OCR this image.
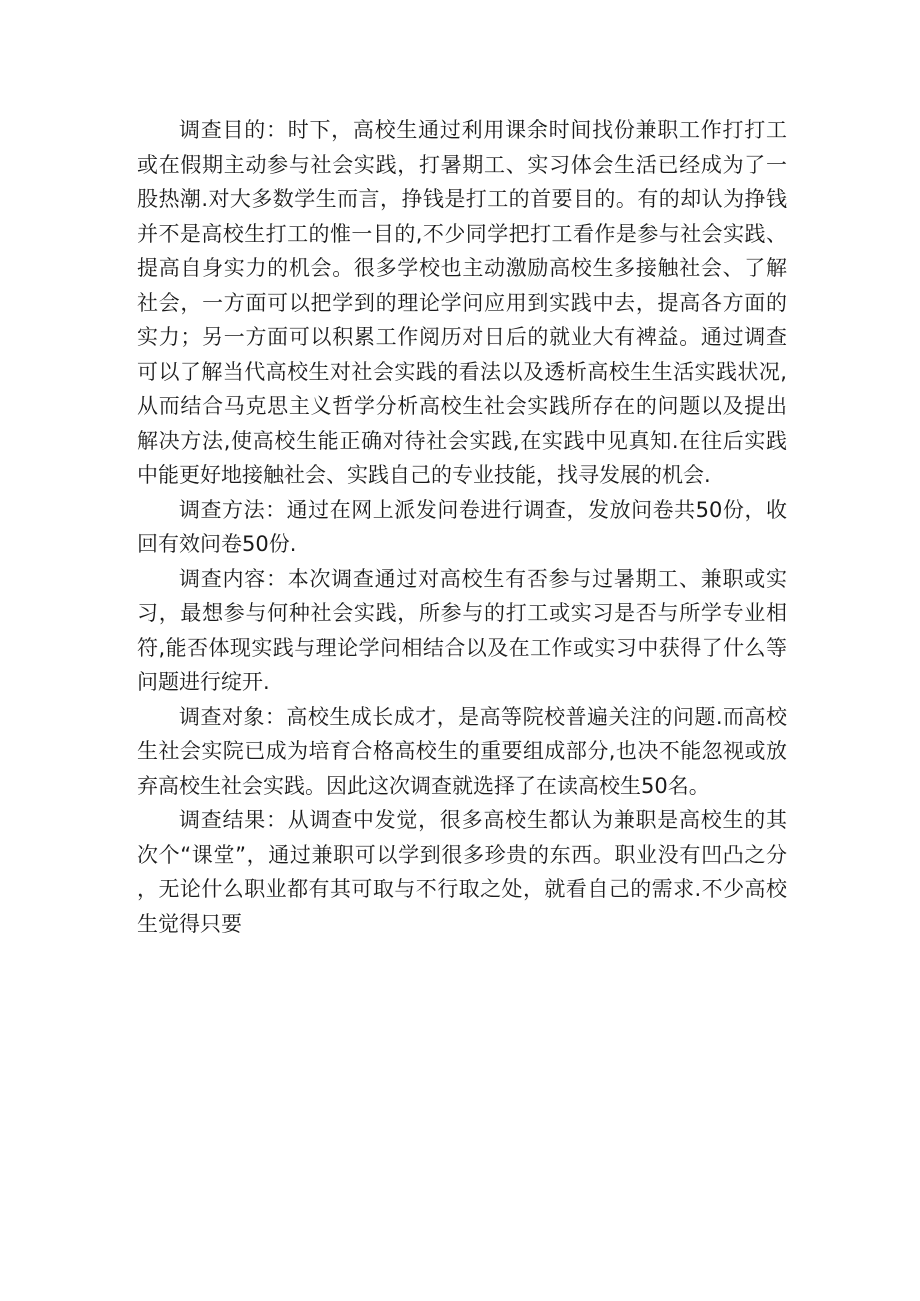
调查目的：时下，高校生通过利用课余时间找份兼职工作打打工或在假期主动参与社会实践，打暑期工、实习体会生活已经成为了一股热潮.对大多数学生而言，挣钱是打工的首要目的。有的却认为挣钱并不是高校生打工的惟一目的,不少同学把打工看作是参与社会实践、提高自身实力的机会。很多学校也主动激励高校生多接触社会、了解社会，一方面可以把学到的理论学问应用到实践中去，提高各方面的实力；另一方面可以积累工作阅历对日后的就业大有裨益。通过调查可以了解当代高校生对社会实践的看法以及透析高校生生活实践状况,从而结合马克思主义哲学分析高校生社会实践所存在的问题以及提出解决方法,使高校生能正确对待社会实践,在实践中见真知.在往后实践中能更好地接触社会、实践自己的专业技能，找寻发展的机会.

调查方法：通过在网上派发问卷进行调查，发放问卷共50份，收回有效问卷50份.

调查内容：本次调查通过对高校生有否参与过暑期工、兼职或实习，最想参与何种社会实践，所参与的打工或实习是否与所学专业相符,能否体现实践与理论学问相结合以及在工作或实习中获得了什么等问题进行绽开.

调查对象：高校生成长成才，是高等院校普遍关注的问题.而高校生社会实院已成为培育合格高校生的重要组成部分,也决不能忽视或放弃高校生社会实践。因此这次调查就选择了在读高校生50名。

调查结果：从调查中发觉，很多高校生都认为兼职是高校生的其次个“课堂”，通过兼职可以学到很多珍贵的东西。职业没有凹凸之分，无论什么职业都有其可取与不行取之处，就看自己的需求.不少高校生觉得只要
